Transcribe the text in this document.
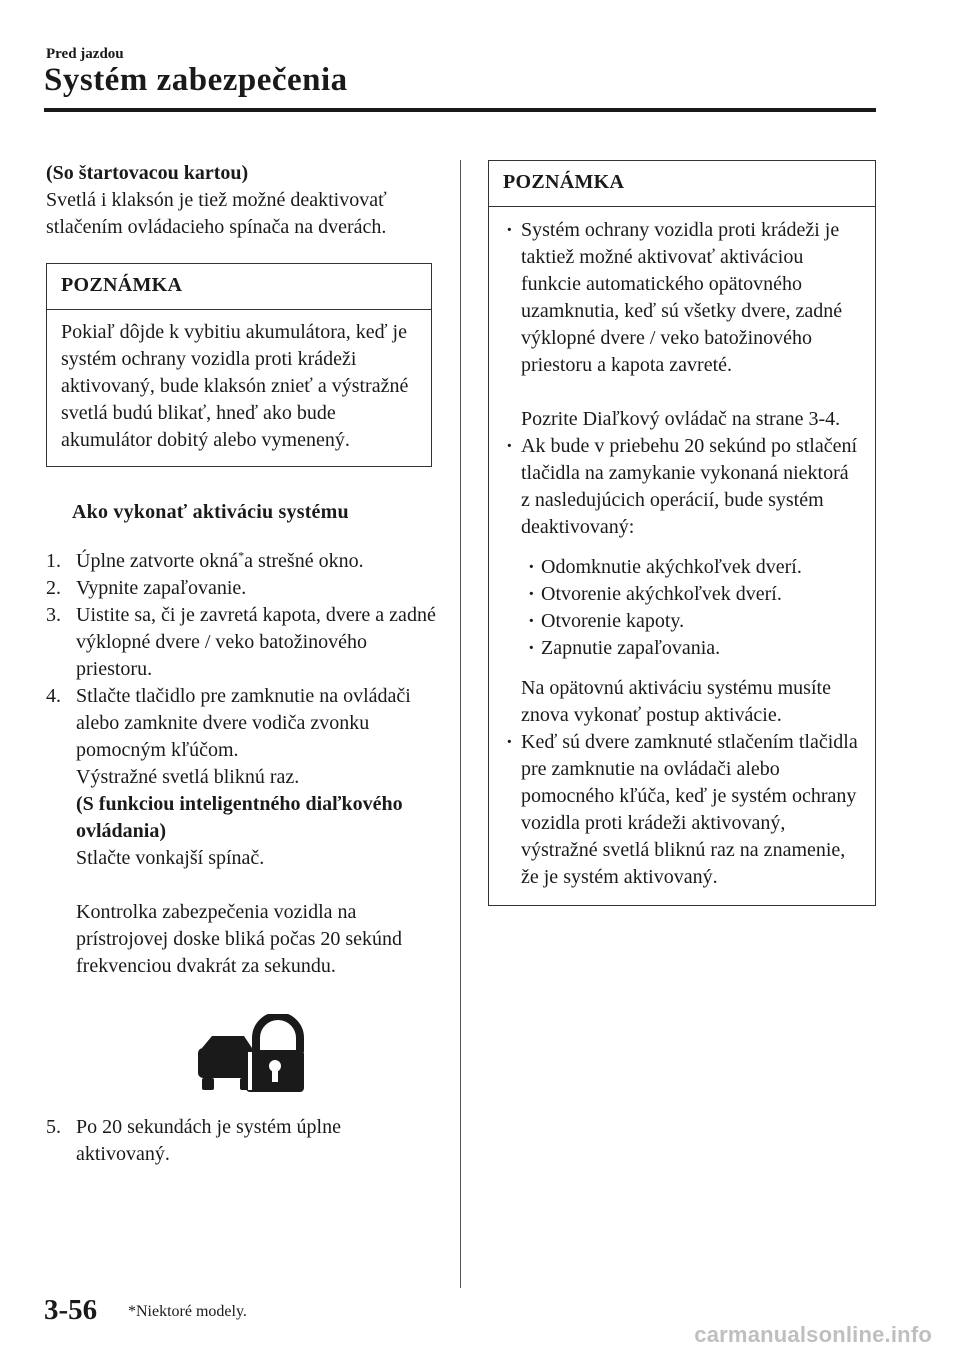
Pred jazdou
Systém zabezpečenia

(So štartovacou kartou)

Svetlá i klaksón je tiež možné deaktivovať stlačením ovládacieho spínača na dverách.

POZNÁMKA
Pokiaľ dôjde k vybitiu akumulátora, keď je systém ochrany vozidla proti krádeži aktivovaný, bude klaksón znieť a výstražné svetlá budú blikať, hneď ako bude akumulátor dobitý alebo vymenený.

Ako vykonať aktiváciu systému

1. Úplne zatvorte okná*a strešné okno.
2. Vypnite zapaľovanie.
3. Uistite sa, či je zavretá kapota, dvere a zadné výklopné dvere / veko batožinového priestoru.
4. Stlačte tlačidlo pre zamknutie na ovládači alebo zamknite dvere vodiča zvonku pomocným kľúčom.
Výstražné svetlá bliknú raz.
(S funkciou inteligentného diaľkového ovládania)
Stlačte vonkajší spínač.
Kontrolka zabezpečenia vozidla na prístrojovej doske bliká počas 20 sekúnd frekvenciou dvakrát za sekundu.
5. Po 20 sekundách je systém úplne aktivovaný.
POZNÁMKA
· Systém ochrany vozidla proti krádeži je taktiež možné aktivovať aktiváciou funkcie automatického opätovného uzamknutia, keď sú všetky dvere, zadné výklopné dvere / veko batožinového priestoru a kapota zavreté.
Pozrite Diaľkový ovládač na strane 3-4.
· Ak bude v priebehu 20 sekúnd po stlačení tlačidla na zamykanie vykonaná niektorá z nasledujúcich operácií, bude systém deaktivovaný:
· Odomknutie akýchkoľvek dverí.
· Otvorenie akýchkoľvek dverí.
· Otvorenie kapoty.
· Zapnutie zapaľovania.
Na opätovnú aktiváciu systému musíte znova vykonať postup aktivácie.
· Keď sú dvere zamknuté stlačením tlačidla pre zamknutie na ovládači alebo pomocného kľúča, keď je systém ochrany vozidla proti krádeži aktivovaný, výstražné svetlá bliknú raz na znamenie, že je systém aktivovaný.
3-56 *Niektoré modely.
carmanualsonline.info
